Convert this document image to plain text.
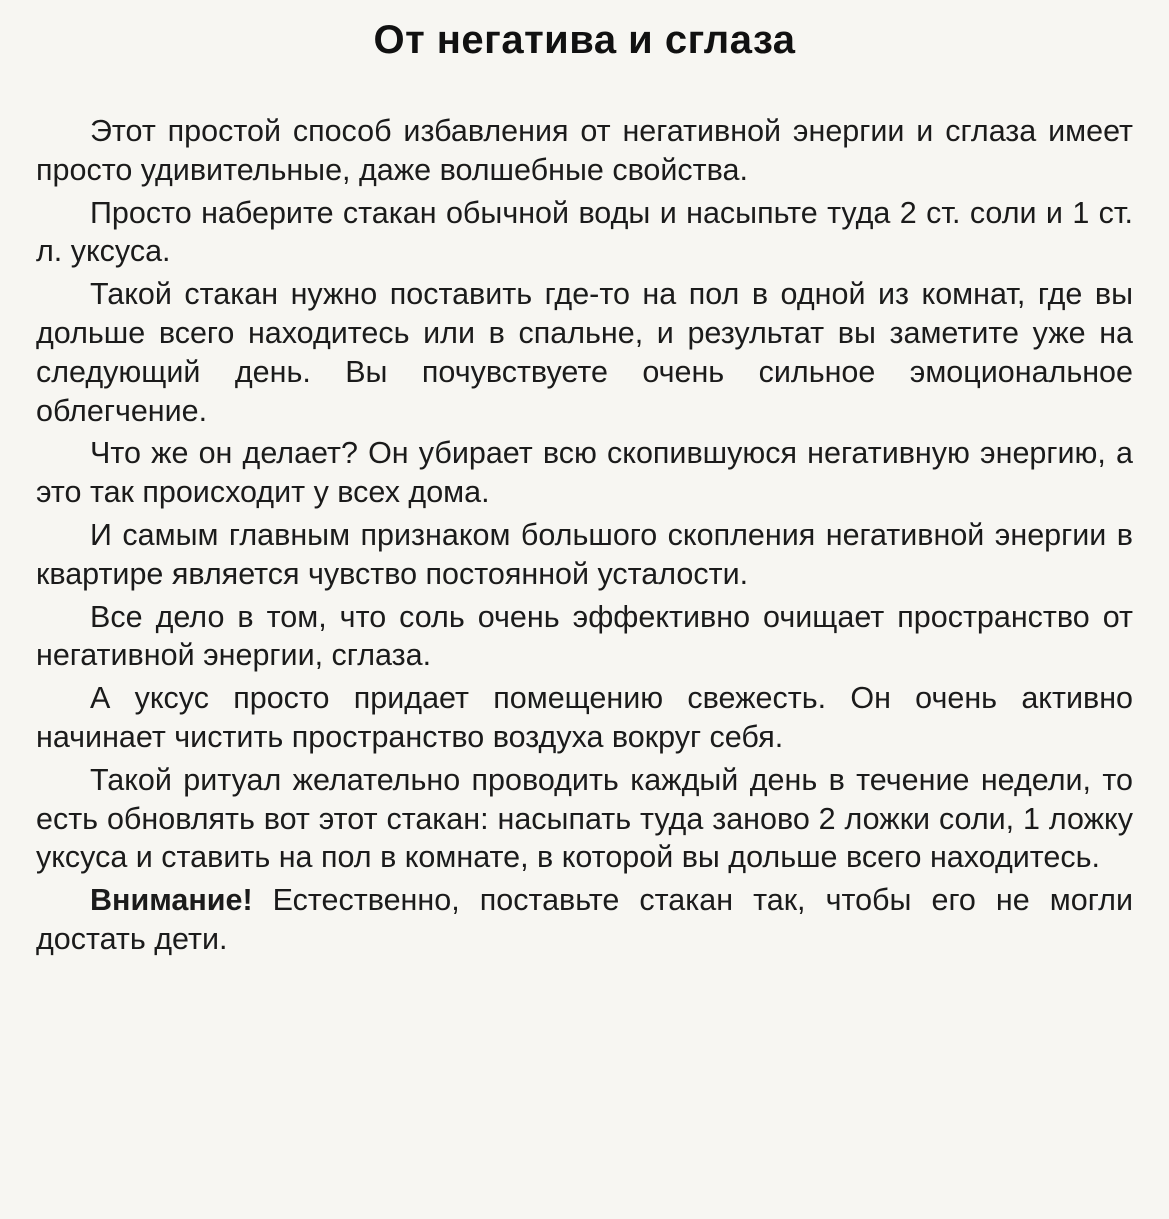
От негатива и сглаза

Этот простой способ избавления от негативной энергии и сглаза имеет просто удивительные, даже волшебные свойства.

Просто наберите стакан обычной воды и насыпьте туда 2 ст. соли и 1 ст. л. уксуса.

Такой стакан нужно поставить где-то на пол в одной из комнат, где вы дольше всего находитесь или в спальне, и результат вы заметите уже на следующий день. Вы почувствуете очень сильное эмоциональное облегчение.

Что же он делает? Он убирает всю скопившуюся негативную энергию, а это так происходит у всех дома.

И самым главным признаком большого скопления негативной энергии в квартире является чувство постоянной усталости.

Все дело в том, что соль очень эффективно очищает пространство от негативной энергии, сглаза.

А уксус просто придает помещению свежесть. Он очень активно начинает чистить пространство воздуха вокруг себя.

Такой ритуал желательно проводить каждый день в течение недели, то есть обновлять вот этот стакан: насыпать туда заново 2 ложки соли, 1 ложку уксуса и ставить на пол в комнате, в которой вы дольше всего находитесь.

Внимание! Естественно, поставьте стакан так, чтобы его не могли достать дети.
